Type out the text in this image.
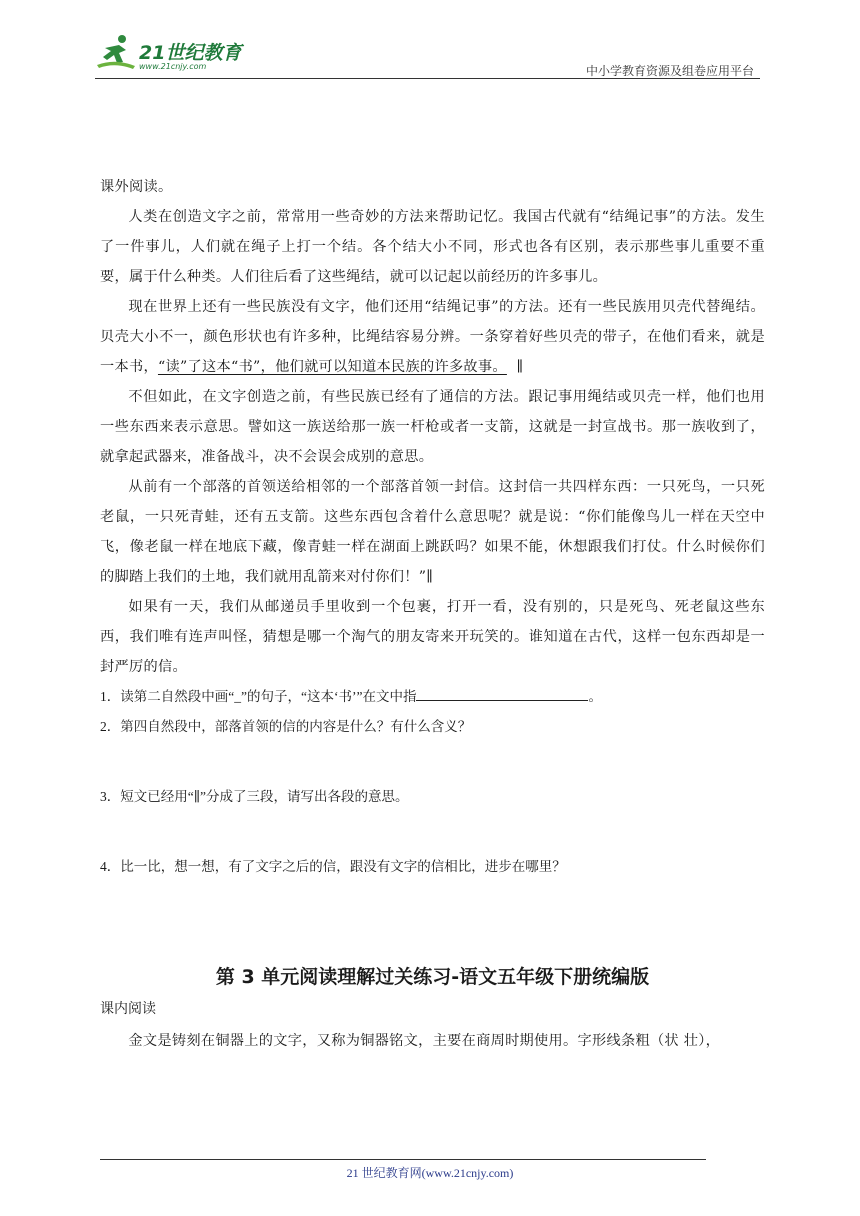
21世纪教育
www.21cnjy.com	中小学教育资源及组卷应用平台

课外阅读。

人类在创造文字之前，常常用一些奇妙的方法来帮助记忆。我国古代就有“结绳记事”的方法。发生了一件事儿，人们就在绳子上打一个结。各个结大小不同，形式也各有区别，表示那些事儿重要不重要，属于什么种类。人们往后看了这些绳结，就可以记起以前经历的许多事儿。

现在世界上还有一些民族没有文字，他们还用“结绳记事”的方法。还有一些民族用贝壳代替绳结。贝壳大小不一，颜色形状也有许多种，比绳结容易分辨。一条穿着好些贝壳的带子，在他们看来，就是一本书，“读”了这本“书”，他们就可以知道本民族的许多故事。 ∥

不但如此，在文字创造之前，有些民族已经有了通信的方法。跟记事用绳结或贝壳一样，他们也用一些东西来表示意思。譬如这一族送给那一族一杆枪或者一支箭，这就是一封宣战书。那一族收到了，就拿起武器来，准备战斗，决不会误会成别的意思。

从前有一个部落的首领送给相邻的一个部落首领一封信。这封信一共四样东西：一只死鸟，一只死老鼠，一只死青蛙，还有五支箭。这些东西包含着什么意思呢？就是说：“你们能像鸟儿一样在天空中飞，像老鼠一样在地底下藏，像青蛙一样在湖面上跳跃吗？如果不能，休想跟我们打仗。什么时候你们的脚踏上我们的土地，我们就用乱箭来对付你们！”∥

如果有一天，我们从邮递员手里收到一个包裹，打开一看，没有别的，只是死鸟、死老鼠这些东西，我们唯有连声叫怪，猜想是哪一个淘气的朋友寄来开玩笑的。谁知道在古代，这样一包东西却是一封严厉的信。

1．读第二自然段中画“_”的句子，“这本‘书’”在文中指	。

2．第四自然段中，部落首领的信的内容是什么？有什么含义？

3．短文已经用“∥”分成了三段，请写出各段的意思。

4．比一比，想一想，有了文字之后的信，跟没有文字的信相比，进步在哪里？

第 3 单元阅读理解过关练习-语文五年级下册统编版

课内阅读

金文是铸刻在铜器上的文字，又称为铜器铭文，主要在商周时期使用。字形线条粗（状 壮），

21 世纪教育网(www.21cnjy.com)
